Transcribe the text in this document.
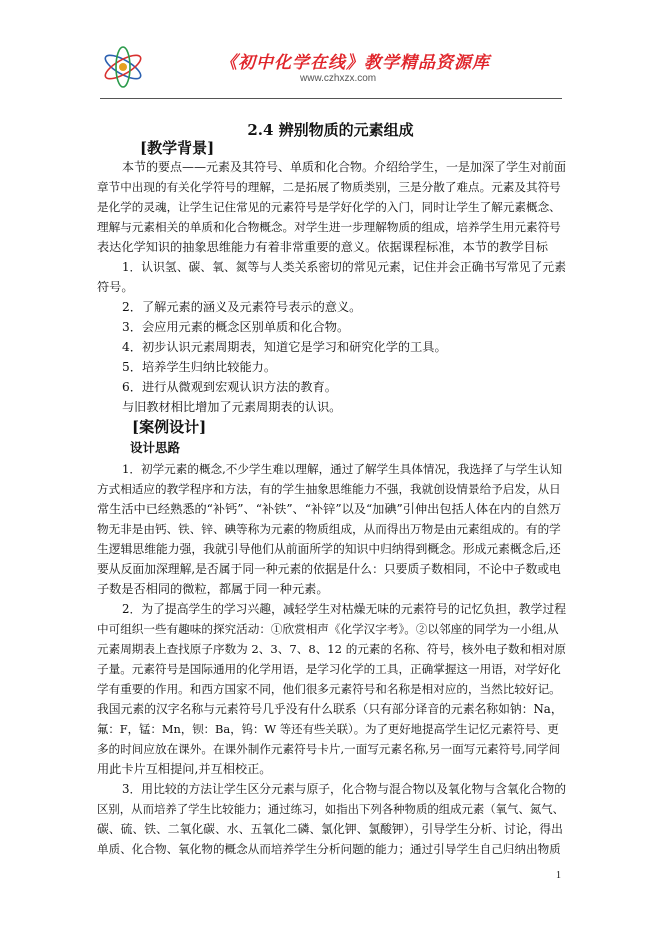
《初中化学在线》教学精品资源库
www.czhxzx.com
2.4 辨别物质的元素组成
[教学背景]
本节的要点——元素及其符号、单质和化合物。介绍给学生，一是加深了学生对前面
章节中出现的有关化学符号的理解，二是拓展了物质类别，三是分散了难点。元素及其符号
是化学的灵魂，让学生记住常见的元素符号是学好化学的入门，同时让学生了解元素概念、
理解与元素相关的单质和化合物概念。对学生进一步理解物质的组成，培养学生用元素符号
表达化学知识的抽象思维能力有着非常重要的意义。依据课程标准，本节的教学目标
1．认识氢、碳、氧、氮等与人类关系密切的常见元素，记住并会正确书写常见了元素
符号。
2．了解元素的涵义及元素符号表示的意义。
3．会应用元素的概念区别单质和化合物。
4．初步认识元素周期表，知道它是学习和研究化学的工具。
5．培养学生归纳比较能力。
6．进行从微观到宏观认识方法的教育。
与旧教材相比增加了元素周期表的认识。
[案例设计]
设计思路
1．初学元素的概念,不少学生难以理解，通过了解学生具体情况，我选择了与学生认知
方式相适应的教学程序和方法，有的学生抽象思维能力不强，我就创设情景给予启发，从日
常生活中已经熟悉的“补钙”、“补铁”、“补锌”以及“加碘”引伸出包括人体在内的自然万
物无非是由钙、铁、锌、碘等称为元素的物质组成，从而得出万物是由元素组成的。有的学
生逻辑思维能力强，我就引导他们从前面所学的知识中归纳得到概念。形成元素概念后,还
要从反面加深理解,是否属于同一种元素的依据是什么：只要质子数相同，不论中子数或电
子数是否相同的微粒，都属于同一种元素。
2．为了提高学生的学习兴趣，减轻学生对枯燥无味的元素符号的记忆负担，教学过程
中可组织一些有趣味的探究活动：①欣赏相声《化学汉字考》。②以邻座的同学为一小组,从
元素周期表上查找原子序数为 2、3、7、8、12 的元素的名称、符号，核外电子数和相对原
子量。元素符号是国际通用的化学用语，是学习化学的工具，正确掌握这一用语，对学好化
学有重要的作用。和西方国家不同，他们很多元素符号和名称是相对应的，当然比较好记。
我国元素的汉字名称与元素符号几乎没有什么联系（只有部分译音的元素名称如钠：Na，
氟：F，锰：Mn，钡：Ba，钨：W 等还有些关联）。为了更好地提高学生记忆元素符号、更
多的时间应放在课外。在课外制作元素符号卡片,一面写元素名称,另一面写元素符号,同学间
用此卡片互相提问,并互相校正。
3．用比较的方法让学生区分元素与原子，化合物与混合物以及氧化物与含氧化合物的
区别，从而培养了学生比较能力；通过练习，如指出下列各种物质的组成元素（氧气、氮气、
碳、硫、铁、二氧化碳、水、五氧化二磷、氯化钾、氯酸钾），引导学生分析、讨论，得出
单质、化合物、氧化物的概念从而培养学生分析问题的能力；通过引导学生自己归纳出物质
1
